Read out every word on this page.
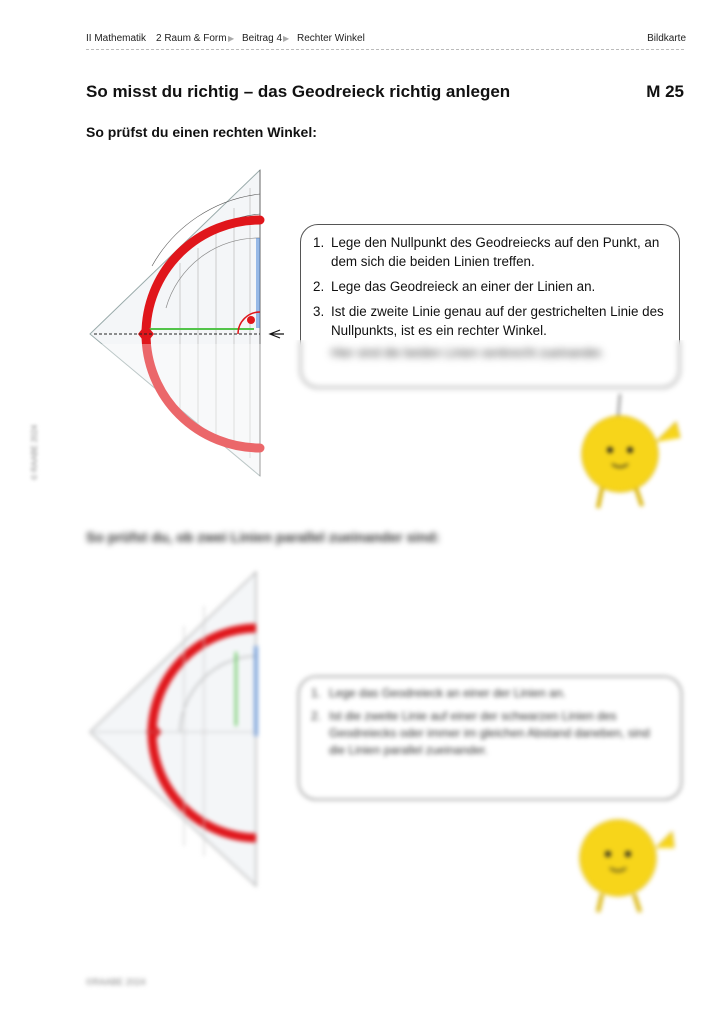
II Mathematik 2 Raum & Form ▶ Beitrag 4 ▶ Rechter Winkel	Bildkarte
So misst du richtig – das Geodreieck richtig anlegen	M 25
So prüfst du einen rechten Winkel:
© RAABE 2024
1. Lege den Nullpunkt des Geodreiecks auf den Punkt, an dem sich die beiden Linien treffen.
2. Lege das Geodreieck an einer der Linien an.
3. Ist die zweite Linie genau auf der gestrichelten Linie des Nullpunkts, ist es ein rechter Winkel.
Hier sind die beiden Linien senkrecht zueinander.
So prüfst du, ob zwei Linien parallel zueinander sind:
1. Lege das Geodreieck an einer der Linien an.
2. Ist die zweite Linie auf einer der schwarzen Linien des Geodreiecks oder immer im gleichen Abstand daneben, sind die Linien parallel zueinander.
©RAABE 2024
